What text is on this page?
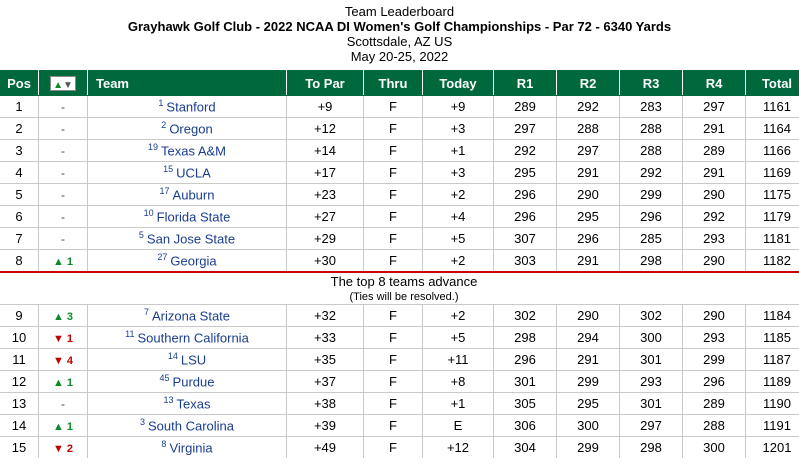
Team Leaderboard
Grayhawk Golf Club - 2022 NCAA DI Women's Golf Championships - Par 72 - 6340 Yards
Scottsdale, AZ US
May 20-25, 2022
Pos	▲▼	Team	To Par	Thru	Today	R1	R2	R3	R4	Total
1	-	$^1$ Stanford	+9	F	+9	289	292	283	297	1161
2	-	$^2$ Oregon	+12	F	+3	297	288	288	291	1164
3	-	$^{19}$ Texas A&M	+14	F	+1	292	297	288	289	1166
4	-	$^{15}$ UCLA	+17	F	+3	295	291	292	291	1169
5	-	$^{17}$ Auburn	+23	F	+2	296	290	299	290	1175
6	-	$^{10}$ Florida State	+27	F	+4	296	295	296	292	1179
7	-	$^5$ San Jose State	+29	F	+5	307	296	285	293	1181
8	▲ 1	$^{27}$ Georgia	+30	F	+2	303	291	298	290	1182

The top 8 teams advance
(Ties will be resolved.)										

9	▲ 3	$^7$ Arizona State	+32	F	+2	302	290	302	290	1184
10	▼ 1	$^{11}$ Southern California	+33	F	+5	298	294	300	293	1185
11	▼ 4	$^{14}$ LSU	+35	F	+11	296	291	301	299	1187
12	▲ 1	$^{45}$ Purdue	+37	F	+8	301	299	293	296	1189
13	-	$^{13}$ Texas	+38	F	+1	305	295	301	289	1190
14	▲ 1	$^3$ South Carolina	+39	F	E	306	300	297	288	1191
15	▼ 2	$^8$ Virginia	+49	F	+12	304	299	298	300	1201
